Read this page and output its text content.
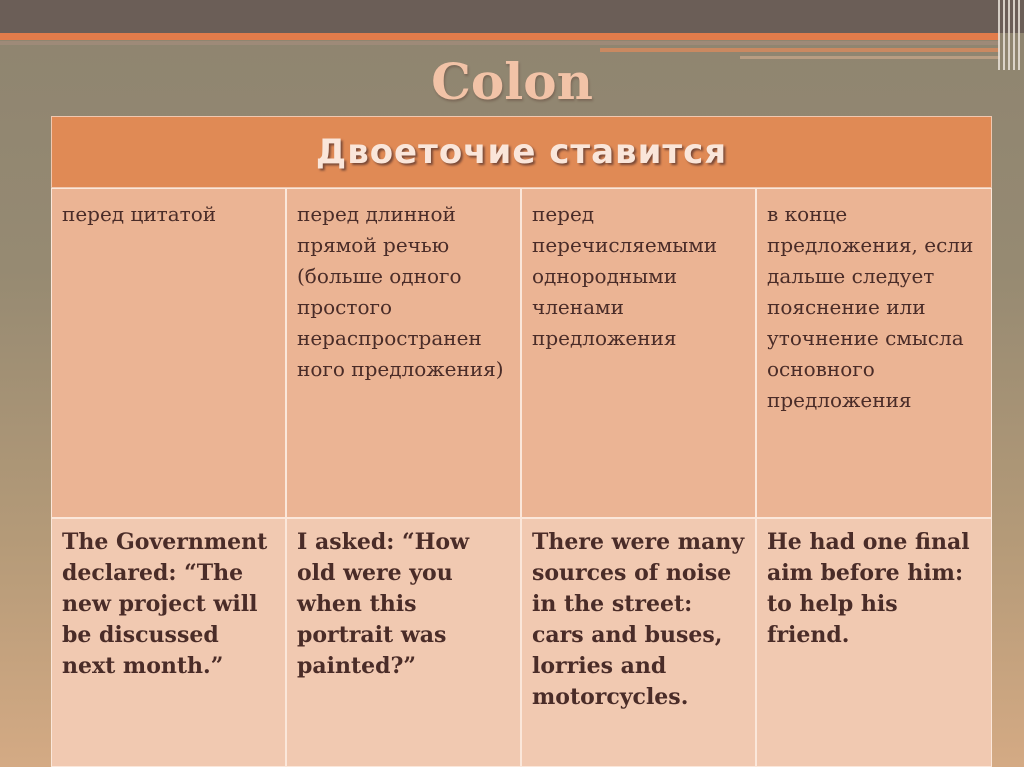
Colon
Двоеточие ставится
перед цитатой	перед длинной прямой речью (больше одного простого нераспространен ного предложения)
перед перечисляемыми однородными членами предложения
в конце предложения, если дальше следует пояснение или уточнение смысла основного предложения
The Government declared: “The new project will be discussed next month.”
I asked: “How old were you when this portrait was painted?”
There were many sources of noise in the street: cars and buses, lorries and motorcycles.
He had one final aim before him: to help his friend.
